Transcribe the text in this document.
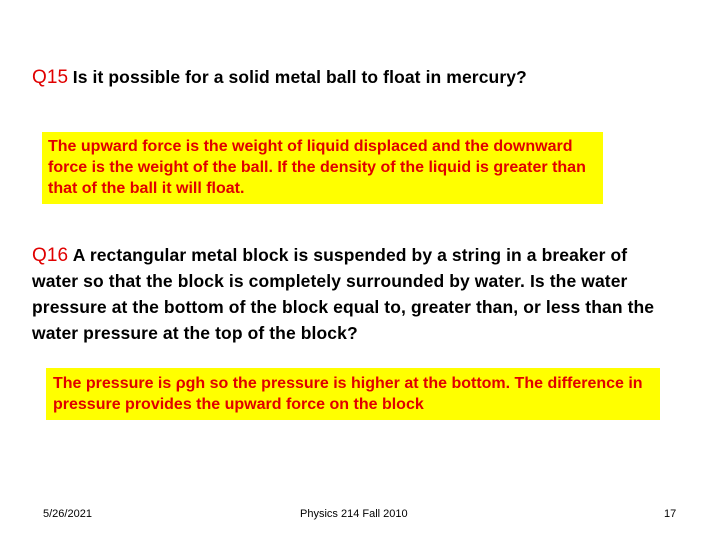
Q15 Is it possible for a solid metal ball to float in mercury?
The upward force is the weight of liquid displaced and the downward force is the weight of the ball. If the density of the liquid is greater than that of the ball it will float.
Q16 A rectangular metal block is suspended by a string in a breaker of water so that the block is completely surrounded by water. Is the water pressure at the bottom of the block equal to, greater than, or less than the water pressure at the top of the block?
The pressure is ρgh so the pressure is higher at the bottom. The difference in pressure provides the upward force on the block
5/26/2021	Physics 214 Fall 2010	17
